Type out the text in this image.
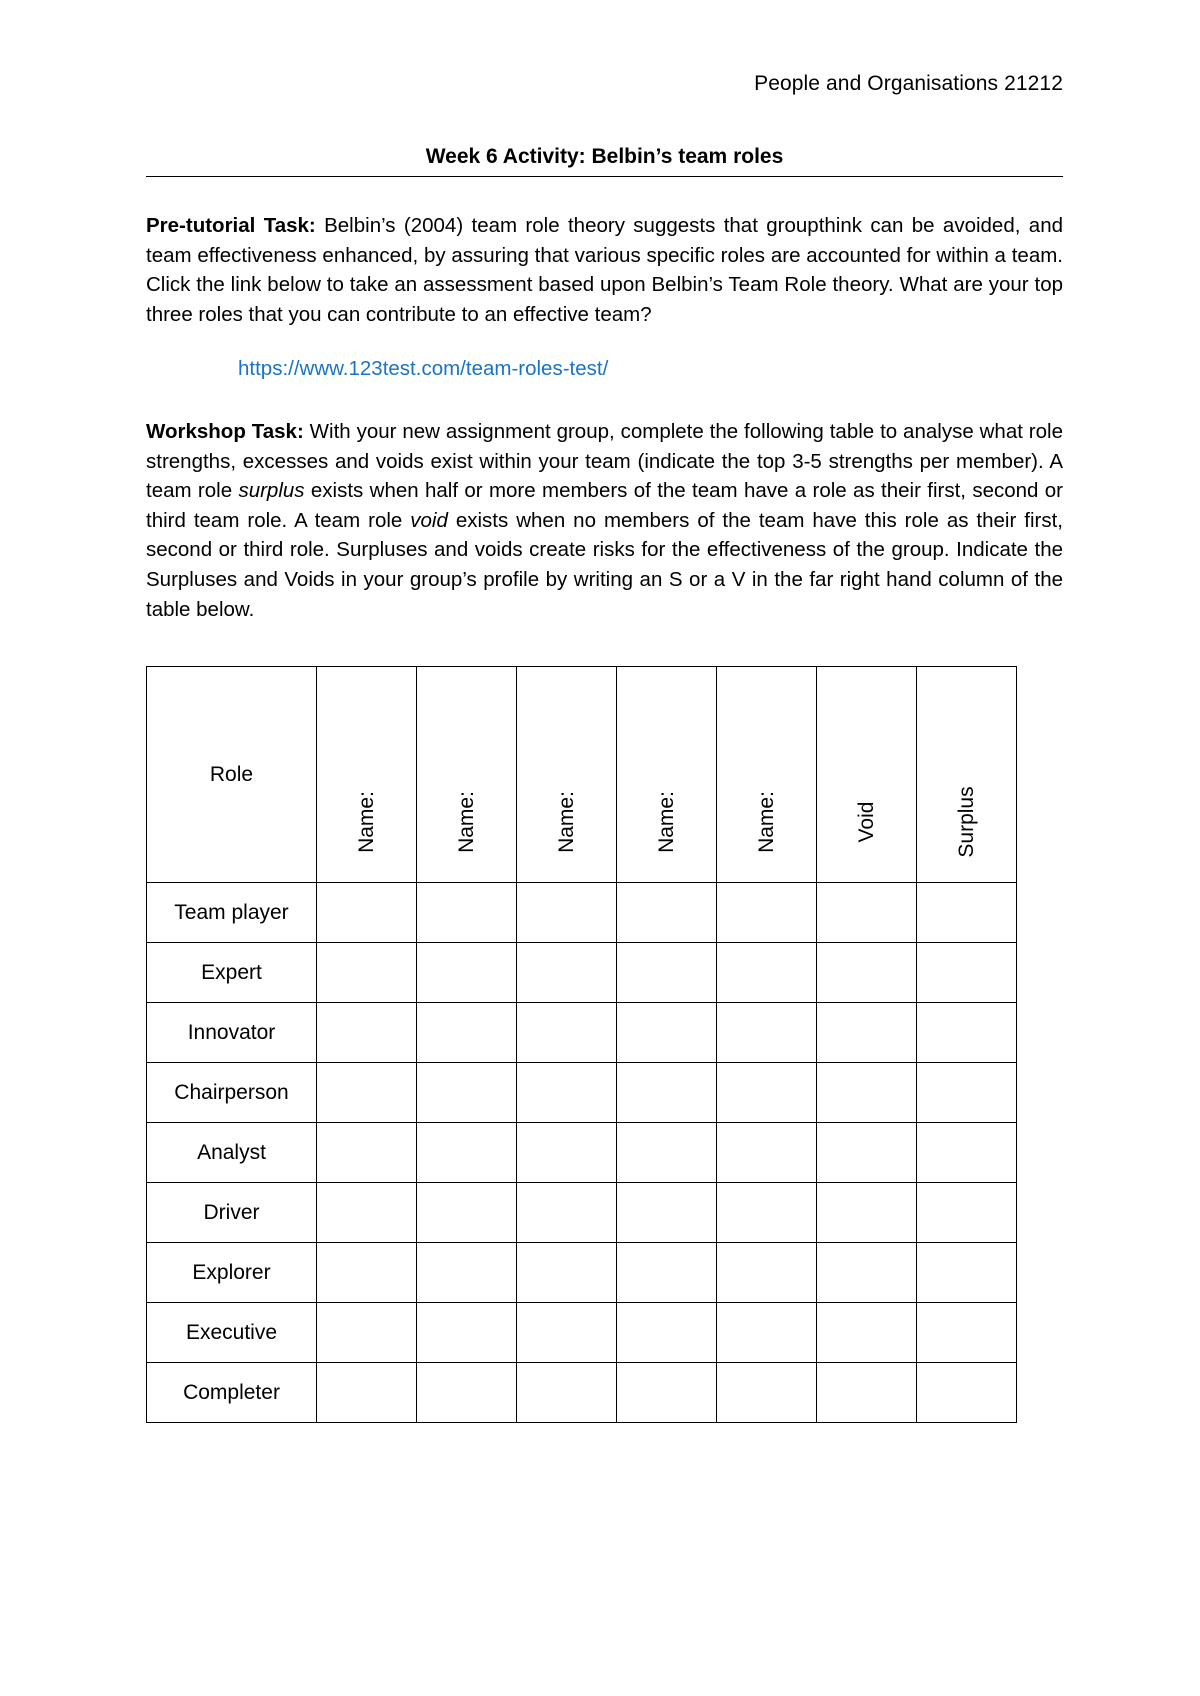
People and Organisations 21212
Week 6 Activity: Belbin’s team roles
Pre-tutorial Task: Belbin’s (2004) team role theory suggests that groupthink can be avoided, and team effectiveness enhanced, by assuring that various specific roles are accounted for within a team. Click the link below to take an assessment based upon Belbin’s Team Role theory. What are your top three roles that you can contribute to an effective team?
https://www.123test.com/team-roles-test/
Workshop Task: With your new assignment group, complete the following table to analyse what role strengths, excesses and voids exist within your team (indicate the top 3-5 strengths per member). A team role surplus exists when half or more members of the team have a role as their first, second or third team role. A team role void exists when no members of the team have this role as their first, second or third role. Surpluses and voids create risks for the effectiveness of the group. Indicate the Surpluses and Voids in your group’s profile by writing an S or a V in the far right hand column of the table below.
Role	Name:	Name:	Name:	Name:	Name:	Void	Surplus

Team player							
Expert							
Innovator							
Chairperson							
Analyst							
Driver							
Explorer							
Executive							
Completer							
